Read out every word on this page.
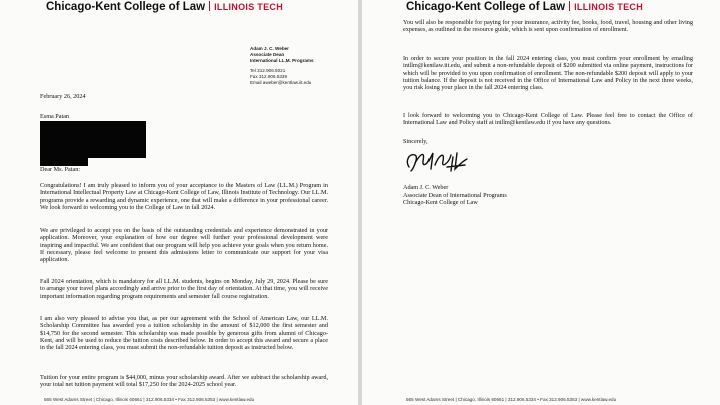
Chicago-Kent College of Law ILLINOIS TECH
Adam J. C. Weber
Associate Dean
International LL.M. Programs
Tel 312.906.5021
Fax 312.906.5339
Email aweber@kentlaw.iit.edu
February 26, 2024
Esma Patan
Dear Ms. Patan:

Congratulations! I am truly pleased to inform you of your acceptance to the Masters of Law (LL.M.) Program in International Intellectual Property Law at Chicago-Kent College of Law, Illinois Institute of Technology. Our LL.M. programs provide a rewarding and dynamic experience, one that will make a difference in your professional career. We look forward to welcoming you to the College of Law in fall 2024.

We are privileged to accept you on the basis of the outstanding credentials and experience demonstrated in your application. Moreover, your explanation of how our degree will further your professional development were inspiring and impactful. We are confident that our program will help you achieve your goals when you return home. If necessary, please feel welcome to present this admissions letter to communicate our support for your visa application.

Fall 2024 orientation, which is mandatory for all LL.M. students, begins on Monday, July 29, 2024. Please be sure to arrange your travel plans accordingly and arrive prior to the first day of orientation. At that time, you will receive important information regarding program requirements and semester fall course registration.

I am also very pleased to advise you that, as per our agreement with the School of American Law, our LL.M. Scholarship Committee has awarded you a tuition scholarship in the amount of $12,000 the first semester and $14,750 for the second semester. This scholarship was made possible by generous gifts from alumni of Chicago-Kent, and will be used to reduce the tuition costs described below. In order to accept this award and secure a place in the fall 2024 entering class, you must submit the non-refundable tuition deposit as instructed below.

Tuition for your entire program is $44,000, minus your scholarship award. After we subtract the scholarship award, your total net tuition payment will total $17,250 for the 2024-2025 school year.

565 West Adams Street | Chicago, Illinois 60661 | 312.906.5334 • Fax 312.906.5353 | www.kentlaw.edu
Chicago-Kent College of Law ILLINOIS TECH

You will also be responsible for paying for your insurance, activity fee, books, food, travel, housing and other living expenses, as outlined in the resource guide, which is sent upon confirmation of enrollment.

In order to secure your position in the fall 2024 entering class, you must confirm your enrollment by emailing intllm@kentlaw.iit.edu, and submit a non-refundable deposit of $200 submitted via online payment, instructions for which will be provided to you upon confirmation of enrollment. The non-refundable $200 deposit will apply to your tuition balance. If the deposit is not received in the Office of International Law and Policy in the next three weeks, you risk losing your place in the fall 2024 entering class.

I look forward to welcoming you to Chicago-Kent College of Law. Please feel free to contact the Office of International Law and Policy staff at intllm@kentlaw.edu if you have any questions.

Sincerely,
Adam J. C. Weber
Associate Dean of International Programs
Chicago-Kent College of Law
565 West Adams Street | Chicago, Illinois 60661 | 312.906.5334 • Fax 312.906.5353 | www.kentlaw.edu
